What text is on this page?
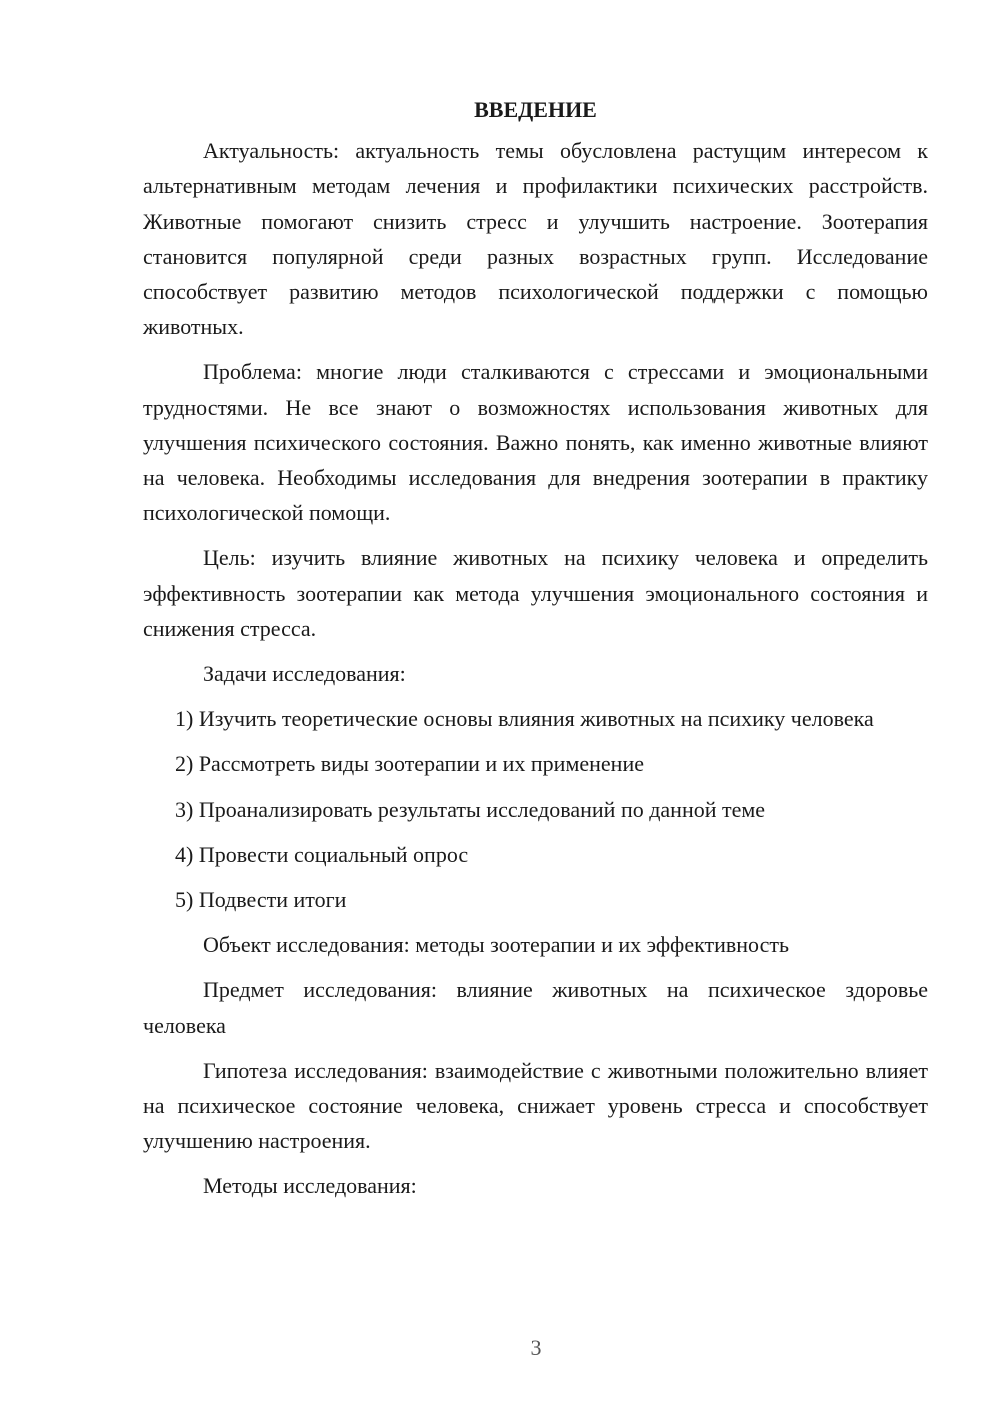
ВВЕДЕНИЕ

Актуальность: актуальность темы обусловлена растущим интересом к альтернативным методам лечения и профилактики психических расстройств. Животные помогают снизить стресс и улучшить настроение. Зоотерапия становится популярной среди разных возрастных групп. Исследование способствует развитию методов психологической поддержки с помощью животных.

Проблема: многие люди сталкиваются с стрессами и эмоциональными трудностями. Не все знают о возможностях использования животных для улучшения психического состояния. Важно понять, как именно животные влияют на человека. Необходимы исследования для внедрения зоотерапии в практику психологической помощи.

Цель: изучить влияние животных на психику человека и определить эффективность зоотерапии как метода улучшения эмоционального состояния и снижения стресса.

Задачи исследования:

1) Изучить теоретические основы влияния животных на психику человека

2) Рассмотреть виды зоотерапии и их применение

3) Проанализировать результаты исследований по данной теме

4) Провести социальный опрос

5) Подвести итоги

Объект исследования: методы зоотерапии и их эффективность

Предмет исследования: влияние животных на психическое здоровье человека

Гипотеза исследования: взаимодействие с животными положительно влияет на психическое состояние человека, снижает уровень стресса и способствует улучшению настроения.

Методы исследования:

3
